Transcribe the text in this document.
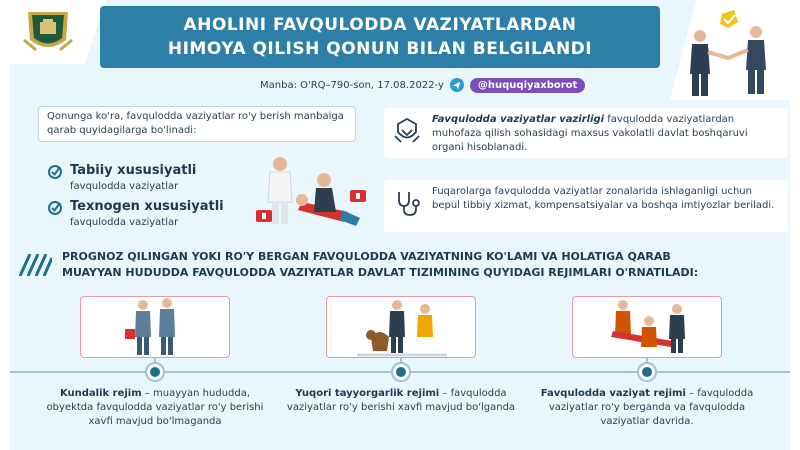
AHOLINI FAVQULODDA VAZIYATLARDAN
HIMOYA QILISH QONUN BILAN BELGILANDI
Manba: O'RQ–790-son, 17.08.2022-y	@huquqiyaxborot
Qonunga ko'ra, favqulodda vaziyatlar ro'y berish manbaiga qarab quyidagilarga bo'linadi:
Tabiiy xususiyatli
favqulodda vaziyatlar
Texnogen xususiyatli
favqulodda vaziyatlar
Favqulodda vaziyatlar vazirligi favqulodda vaziyatlardan muhofaza qilish sohasidagi maxsus vakolatli davlat boshqaruvi organi hisoblanadi.
Fuqarolarga favqulodda vaziyatlar zonalarida ishlaganligi uchun bepul tibbiy xizmat, kompensatsiyalar va boshqa imtiyozlar beriladi.
PROGNOZ QILINGAN YOKI RO'Y BERGAN FAVQULODDA VAZIYATNING KO'LAMI VA HOLATIGA QARAB
MUAYYAN HUDUDDA FAVQULODDA VAZIYATLAR DAVLAT TIZIMINING QUYIDAGI REJIMLARI O'RNATILADI:
Kundalik rejim – muayyan hududda, obyektda favqulodda vaziyatlar ro'y berishi xavfi mavjud bo'lmaganda
Yuqori tayyorgarlik rejimi – favqulodda vaziyatlar ro'y berishi xavfi mavjud bo'lganda
Favqulodda vaziyat rejimi – favqulodda vaziyatlar ro'y berganda va favqulodda vaziyatlar davrida.
